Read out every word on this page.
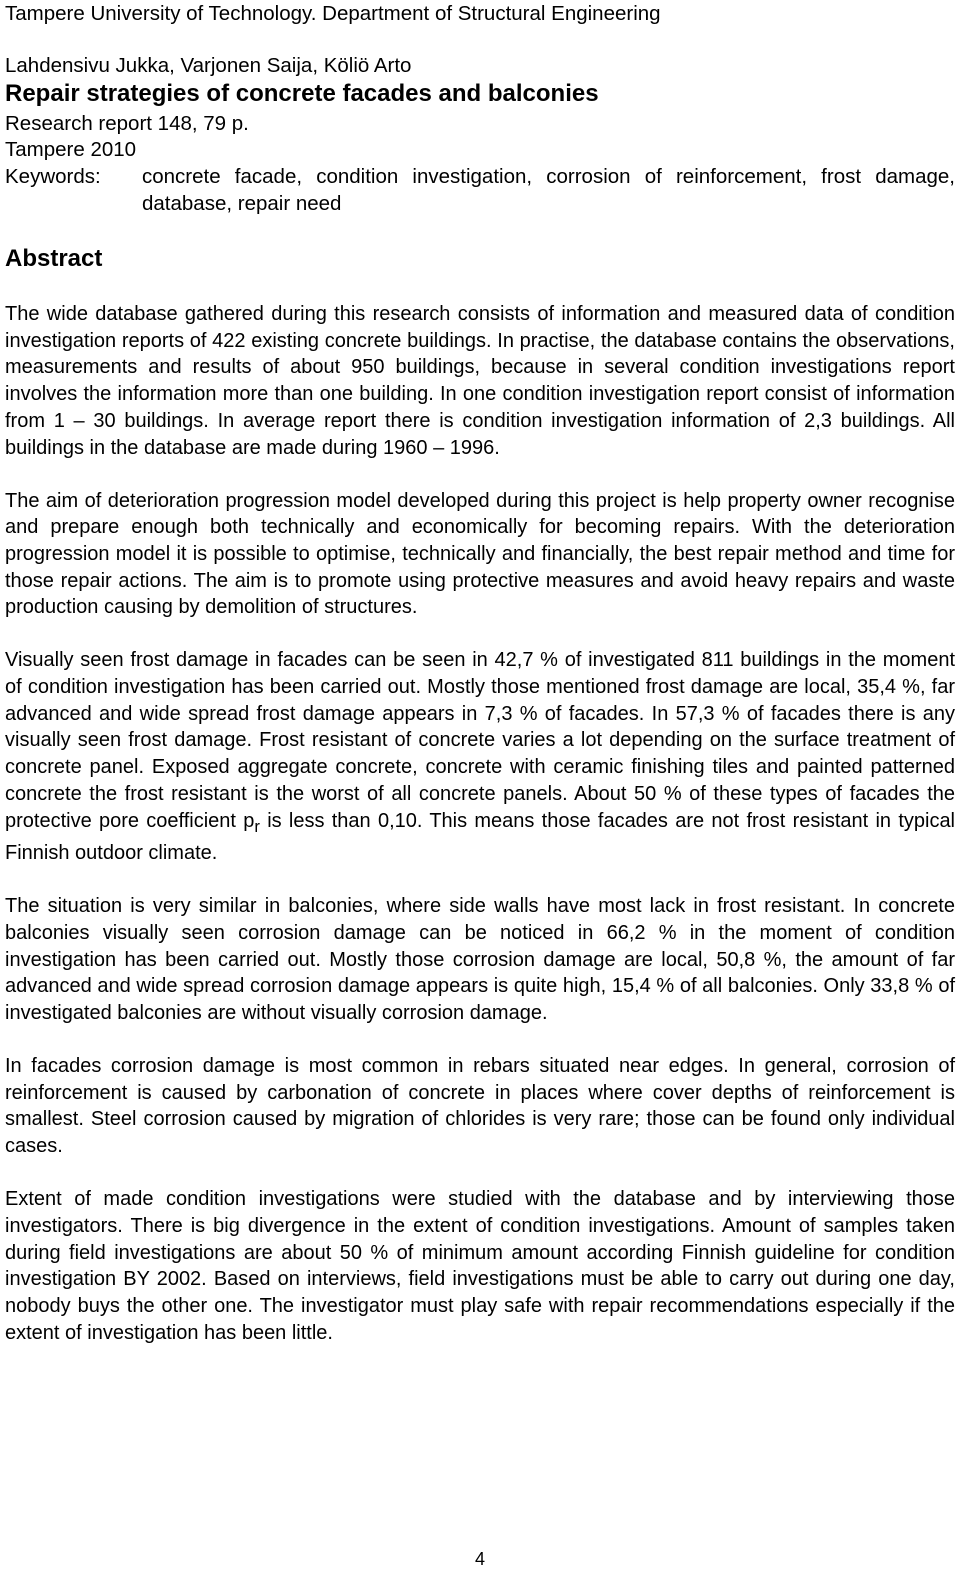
Tampere University of Technology. Department of Structural Engineering
Lahdensivu Jukka, Varjonen Saija, Köliö Arto
Repair strategies of concrete facades and balconies
Research report 148, 79 p.
Tampere 2010
Keywords: concrete facade, condition investigation, corrosion of reinforcement, frost damage, database, repair need
Abstract

The wide database gathered during this research consists of information and measured data of condition investigation reports of 422 existing concrete buildings. In practise, the database contains the observations, measurements and results of about 950 buildings, because in several condition investigations report involves the information more than one building. In one condition investigation report consist of information from 1 – 30 buildings. In average report there is condition investigation information of 2,3 buildings. All buildings in the database are made during 1960 – 1996.

The aim of deterioration progression model developed during this project is help property owner recognise and prepare enough both technically and economically for becoming repairs. With the deterioration progression model it is possible to optimise, technically and financially, the best repair method and time for those repair actions. The aim is to promote using protective measures and avoid heavy repairs and waste production causing by demolition of structures.

Visually seen frost damage in facades can be seen in 42,7 % of investigated 811 buildings in the moment of condition investigation has been carried out. Mostly those mentioned frost damage are local, 35,4 %, far advanced and wide spread frost damage appears in 7,3 % of facades. In 57,3 % of facades there is any visually seen frost damage. Frost resistant of concrete varies a lot depending on the surface treatment of concrete panel. Exposed aggregate concrete, concrete with ceramic finishing tiles and painted patterned concrete the frost resistant is the worst of all concrete panels. About 50 % of these types of facades the protective pore coefficient $p_r$ is less than 0,10. This means those facades are not frost resistant in typical Finnish outdoor climate.

The situation is very similar in balconies, where side walls have most lack in frost resistant. In concrete balconies visually seen corrosion damage can be noticed in 66,2 % in the moment of condition investigation has been carried out. Mostly those corrosion damage are local, 50,8 %, the amount of far advanced and wide spread corrosion damage appears is quite high, 15,4 % of all balconies. Only 33,8 % of investigated balconies are without visually corrosion damage.

In facades corrosion damage is most common in rebars situated near edges. In general, corrosion of reinforcement is caused by carbonation of concrete in places where cover depths of reinforcement is smallest. Steel corrosion caused by migration of chlorides is very rare; those can be found only individual cases.

Extent of made condition investigations were studied with the database and by interviewing those investigators. There is big divergence in the extent of condition investigations. Amount of samples taken during field investigations are about 50 % of minimum amount according Finnish guideline for condition investigation BY 2002. Based on interviews, field investigations must be able to carry out during one day, nobody buys the other one. The investigator must play safe with repair recommendations especially if the extent of investigation has been little.

4
